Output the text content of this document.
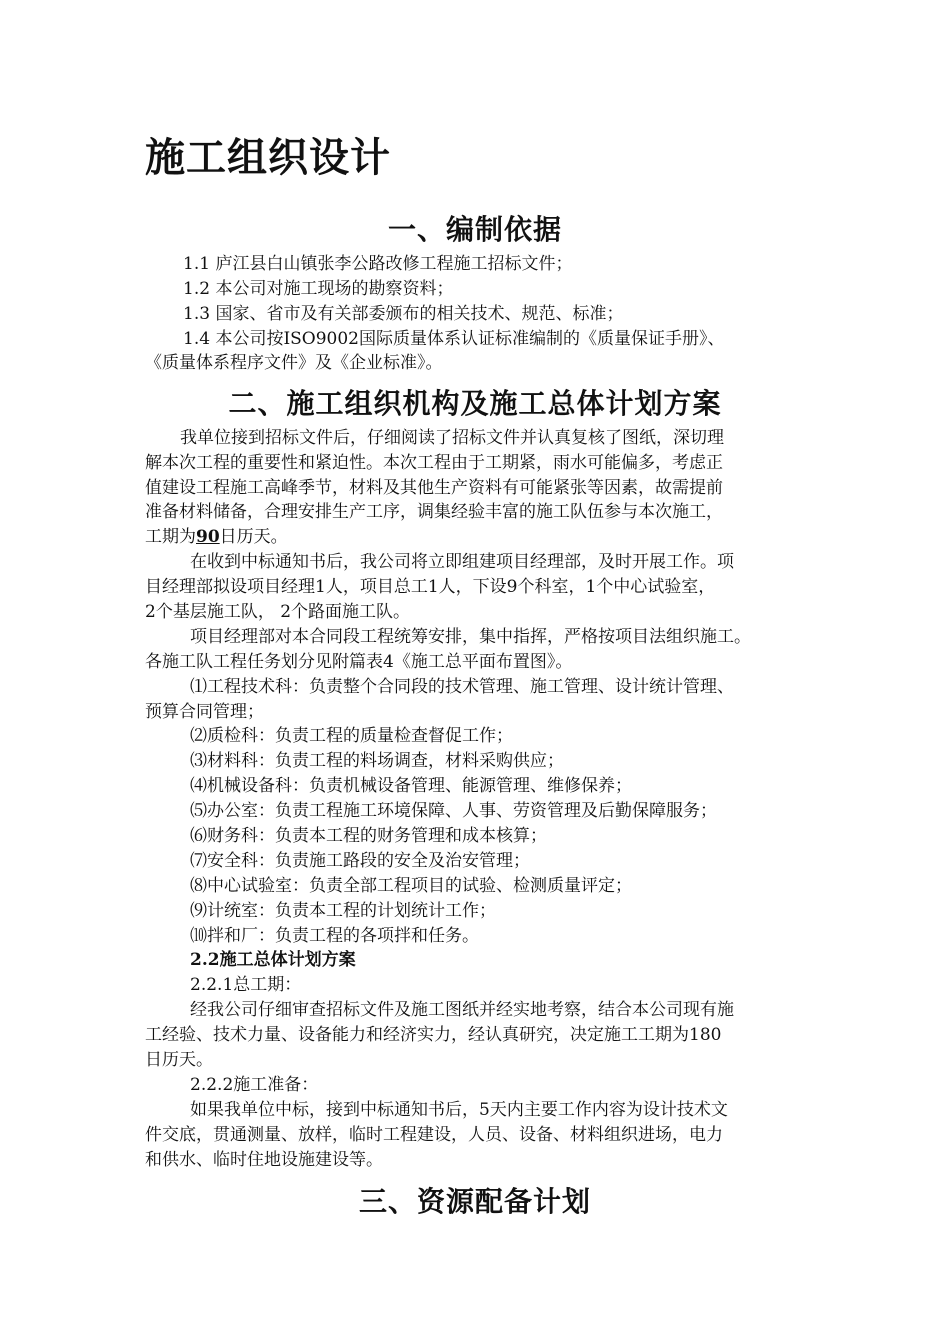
施工组织设计
一、编制依据
1.1 庐江县白山镇张李公路改修工程施工招标文件；
1.2 本公司对施工现场的勘察资料；
1.3 国家、省市及有关部委颁布的相关技术、规范、标准；
1.4 本公司按ISO9002国际质量体系认证标准编制的《质量保证手册》、
《质量体系程序文件》及《企业标准》。
二、施工组织机构及施工总体计划方案
我单位接到招标文件后，仔细阅读了招标文件并认真复核了图纸，深切理
解本次工程的重要性和紧迫性。本次工程由于工期紧，雨水可能偏多，考虑正
值建设工程施工高峰季节，材料及其他生产资料有可能紧张等因素，故需提前
准备材料储备，合理安排生产工序，调集经验丰富的施工队伍参与本次施工，
工期为90日历天。
在收到中标通知书后，我公司将立即组建项目经理部，及时开展工作。项
目经理部拟设项目经理1人，项目总工1人，下设9个科室，1个中心试验室，
2个基层施工队， 2个路面施工队。
项目经理部对本合同段工程统筹安排，集中指挥，严格按项目法组织施工。
各施工队工程任务划分见附篇表4《施工总平面布置图》。
⑴工程技术科：负责整个合同段的技术管理、施工管理、设计统计管理、
预算合同管理；
⑵质检科：负责工程的质量检查督促工作；
⑶材料科：负责工程的料场调查，材料采购供应；
⑷机械设备科：负责机械设备管理、能源管理、维修保养；
⑸办公室：负责工程施工环境保障、人事、劳资管理及后勤保障服务；
⑹财务科：负责本工程的财务管理和成本核算；
⑺安全科：负责施工路段的安全及治安管理；
⑻中心试验室：负责全部工程项目的试验、检测质量评定；
⑼计统室：负责本工程的计划统计工作；
⑽拌和厂：负责工程的各项拌和任务。
2.2施工总体计划方案
2.2.1总工期：
经我公司仔细审查招标文件及施工图纸并经实地考察，结合本公司现有施
工经验、技术力量、设备能力和经济实力，经认真研究，决定施工工期为180
日历天。
2.2.2施工准备：
如果我单位中标，接到中标通知书后，5天内主要工作内容为设计技术文
件交底，贯通测量、放样，临时工程建设，人员、设备、材料组织进场，电力
和供水、临时住地设施建设等。
三、资源配备计划
